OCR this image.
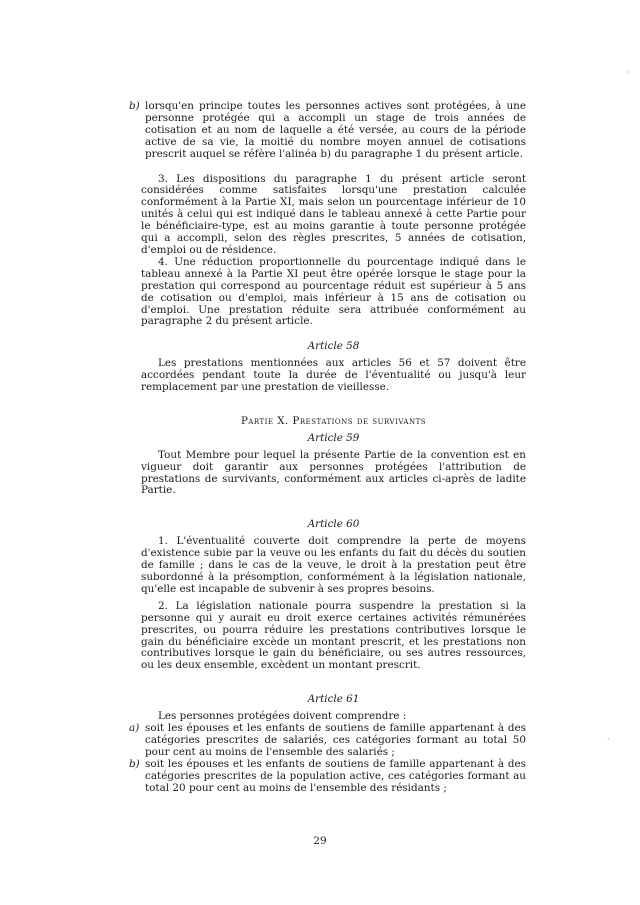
b) lorsqu'en principe toutes les personnes actives sont protégées, à une personne protégée qui a accompli un stage de trois années de cotisation et au nom de laquelle a été versée, au cours de la période active de sa vie, la moitié du nombre moyen annuel de cotisations prescrit auquel se réfère l'alinéa b) du paragraphe 1 du présent article.

3. Les dispositions du paragraphe 1 du présent article seront considérées comme satisfaites lorsqu'une prestation calculée conformément à la Partie XI, mais selon un pourcentage inférieur de 10 unités à celui qui est indiqué dans le tableau annexé à cette Partie pour le bénéficiaire-type, est au moins garantie à toute personne protégée qui a accompli, selon des règles prescrites, 5 années de cotisation, d'emploi ou de résidence.

4. Une réduction proportionnelle du pourcentage indiqué dans le tableau annexé à la Partie XI peut être opérée lorsque le stage pour la prestation qui correspond au pourcentage réduit est supérieur à 5 ans de cotisation ou d'emploi, mais inférieur à 15 ans de cotisation ou d'emploi. Une prestation réduite sera attribuée conformément au paragraphe 2 du présent article.

Article 58

Les prestations mentionnées aux articles 56 et 57 doivent être accordées pendant toute la durée de l'éventualité ou jusqu'à leur remplacement par une prestation de vieillesse.

Partie X. Prestations de survivants

Article 59

Tout Membre pour lequel la présente Partie de la convention est en vigueur doit garantir aux personnes protégées l'attribution de prestations de survivants, conformément aux articles ci-après de ladite Partie.

Article 60

1. L'éventualité couverte doit comprendre la perte de moyens d'existence subie par la veuve ou les enfants du fait du décès du soutien de famille ; dans le cas de la veuve, le droit à la prestation peut être subordonné à la présomption, conformément à la législation nationale, qu'elle est incapable de subvenir à ses propres besoins.

2. La législation nationale pourra suspendre la prestation si la personne qui y aurait eu droit exerce certaines activités rémunérées prescrites, ou pourra réduire les prestations contributives lorsque le gain du bénéficiaire excède un montant prescrit, et les prestations non contributives lorsque le gain du bénéficiaire, ou ses autres ressources, ou les deux ensemble, excèdent un montant prescrit.

Article 61

Les personnes protégées doivent comprendre :

a) soit les épouses et les enfants de soutiens de famille appartenant à des catégories prescrites de salariés, ces catégories formant au total 50 pour cent au moins de l'ensemble des salariés ;
b) soit les épouses et les enfants de soutiens de famille appartenant à des catégories prescrites de la population active, ces catégories formant au total 20 pour cent au moins de l'ensemble des résidants ;
29
·
·
